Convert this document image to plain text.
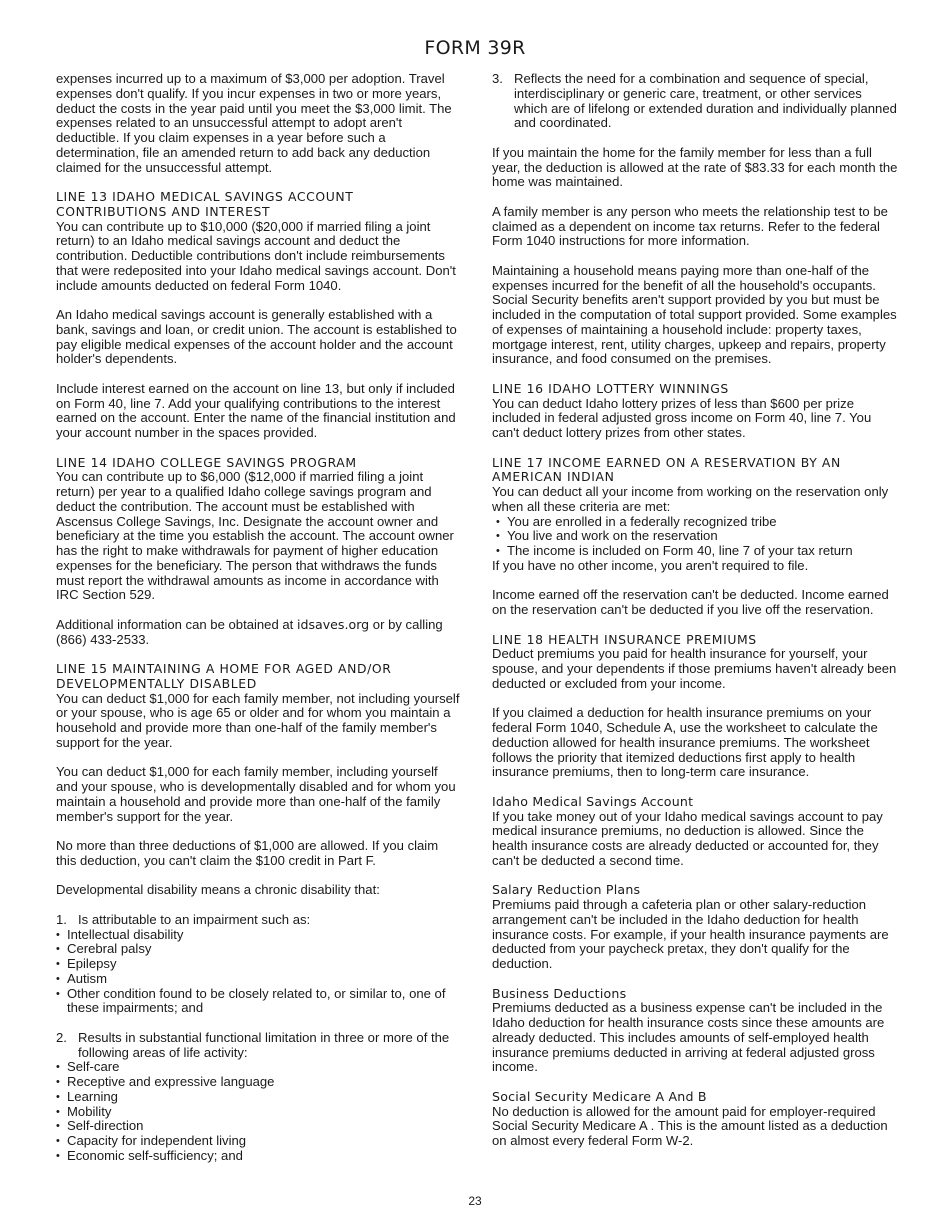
FORM 39R

expenses incurred up to a maximum of $3,000 per adoption. Travel expenses don't qualify. If you incur expenses in two or more years, deduct the costs in the year paid until you meet the $3,000 limit. The expenses related to an unsuccessful attempt to adopt aren't deductible. If you claim expenses in a year before such a determination, file an amended return to add back any deduction claimed for the unsuccessful attempt.

LINE 13 IDAHO MEDICAL SAVINGS ACCOUNT CONTRIBUTIONS AND INTEREST

You can contribute up to $10,000 ($20,000 if married filing a joint return) to an Idaho medical savings account and deduct the contribution. Deductible contributions don't include reimbursements that were redeposited into your Idaho medical savings account. Don't include amounts deducted on federal Form 1040.

An Idaho medical savings account is generally established with a bank, savings and loan, or credit union. The account is established to pay eligible medical expenses of the account holder and the account holder's dependents.

Include interest earned on the account on line 13, but only if included on Form 40, line 7. Add your qualifying contributions to the interest earned on the account. Enter the name of the financial institution and your account number in the spaces provided.

LINE 14 IDAHO COLLEGE SAVINGS PROGRAM

You can contribute up to $6,000 ($12,000 if married filing a joint return) per year to a qualified Idaho college savings program and deduct the contribution. The account must be established with Ascensus College Savings, Inc. Designate the account owner and beneficiary at the time you establish the account. The account owner has the right to make withdrawals for payment of higher education expenses for the beneficiary. The person that withdraws the funds must report the withdrawal amounts as income in accordance with IRC Section 529.

Additional information can be obtained at idsaves.org or by calling (866) 433-2533.

LINE 15 MAINTAINING A HOME FOR AGED AND/OR DEVELOPMENTALLY DISABLED

You can deduct $1,000 for each family member, not including yourself or your spouse, who is age 65 or older and for whom you maintain a household and provide more than one-half of the family member's support for the year.

You can deduct $1,000 for each family member, including yourself and your spouse, who is developmentally disabled and for whom you maintain a household and provide more than one-half of the family member's support for the year.

No more than three deductions of $1,000 are allowed. If you claim this deduction, you can't claim the $100 credit in Part F.

Developmental disability means a chronic disability that:

1. Is attributable to an impairment such as:
• Intellectual disability
• Cerebral palsy
• Epilepsy
• Autism
• Other condition found to be closely related to, or similar to, one of these impairments; and

2. Results in substantial functional limitation in three or more of the following areas of life activity:
• Self-care
• Receptive and expressive language
• Learning
• Mobility
• Self-direction
• Capacity for independent living
• Economic self-sufficiency; and
3. Reflects the need for a combination and sequence of special, interdisciplinary or generic care, treatment, or other services which are of lifelong or extended duration and individually planned and coordinated.

If you maintain the home for the family member for less than a full year, the deduction is allowed at the rate of $83.33 for each month the home was maintained.

A family member is any person who meets the relationship test to be claimed as a dependent on income tax returns. Refer to the federal Form 1040 instructions for more information.

Maintaining a household means paying more than one-half of the expenses incurred for the benefit of all the household's occupants. Social Security benefits aren't support provided by you but must be included in the computation of total support provided. Some examples of expenses of maintaining a household include: property taxes, mortgage interest, rent, utility charges, upkeep and repairs, property insurance, and food consumed on the premises.

LINE 16 IDAHO LOTTERY WINNINGS

You can deduct Idaho lottery prizes of less than $600 per prize included in federal adjusted gross income on Form 40, line 7. You can't deduct lottery prizes from other states.

LINE 17 INCOME EARNED ON A RESERVATION BY AN AMERICAN INDIAN
You can deduct all your income from working on the reservation only when all these criteria are met:
• You are enrolled in a federally recognized tribe
• You live and work on the reservation
• The income is included on Form 40, line 7 of your tax return

If you have no other income, you aren't required to file.

Income earned off the reservation can't be deducted. Income earned on the reservation can't be deducted if you live off the reservation.

LINE 18 HEALTH INSURANCE PREMIUMS

Deduct premiums you paid for health insurance for yourself, your spouse, and your dependents if those premiums haven't already been deducted or excluded from your income.

If you claimed a deduction for health insurance premiums on your federal Form 1040, Schedule A, use the worksheet to calculate the deduction allowed for health insurance premiums. The worksheet follows the priority that itemized deductions first apply to health insurance premiums, then to long-term care insurance.

Idaho Medical Savings Account

If you take money out of your Idaho medical savings account to pay medical insurance premiums, no deduction is allowed. Since the health insurance costs are already deducted or accounted for, they can't be deducted a second time.

Salary Reduction Plans

Premiums paid through a cafeteria plan or other salary-reduction arrangement can't be included in the Idaho deduction for health insurance costs. For example, if your health insurance payments are deducted from your paycheck pretax, they don't qualify for the deduction.

Business Deductions

Premiums deducted as a business expense can't be included in the Idaho deduction for health insurance costs since these amounts are already deducted. This includes amounts of self-employed health insurance premiums deducted in arriving at federal adjusted gross income.

Social Security Medicare A And B

No deduction is allowed for the amount paid for employer-required Social Security Medicare A . This is the amount listed as a deduction on almost every federal Form W-2.

23
